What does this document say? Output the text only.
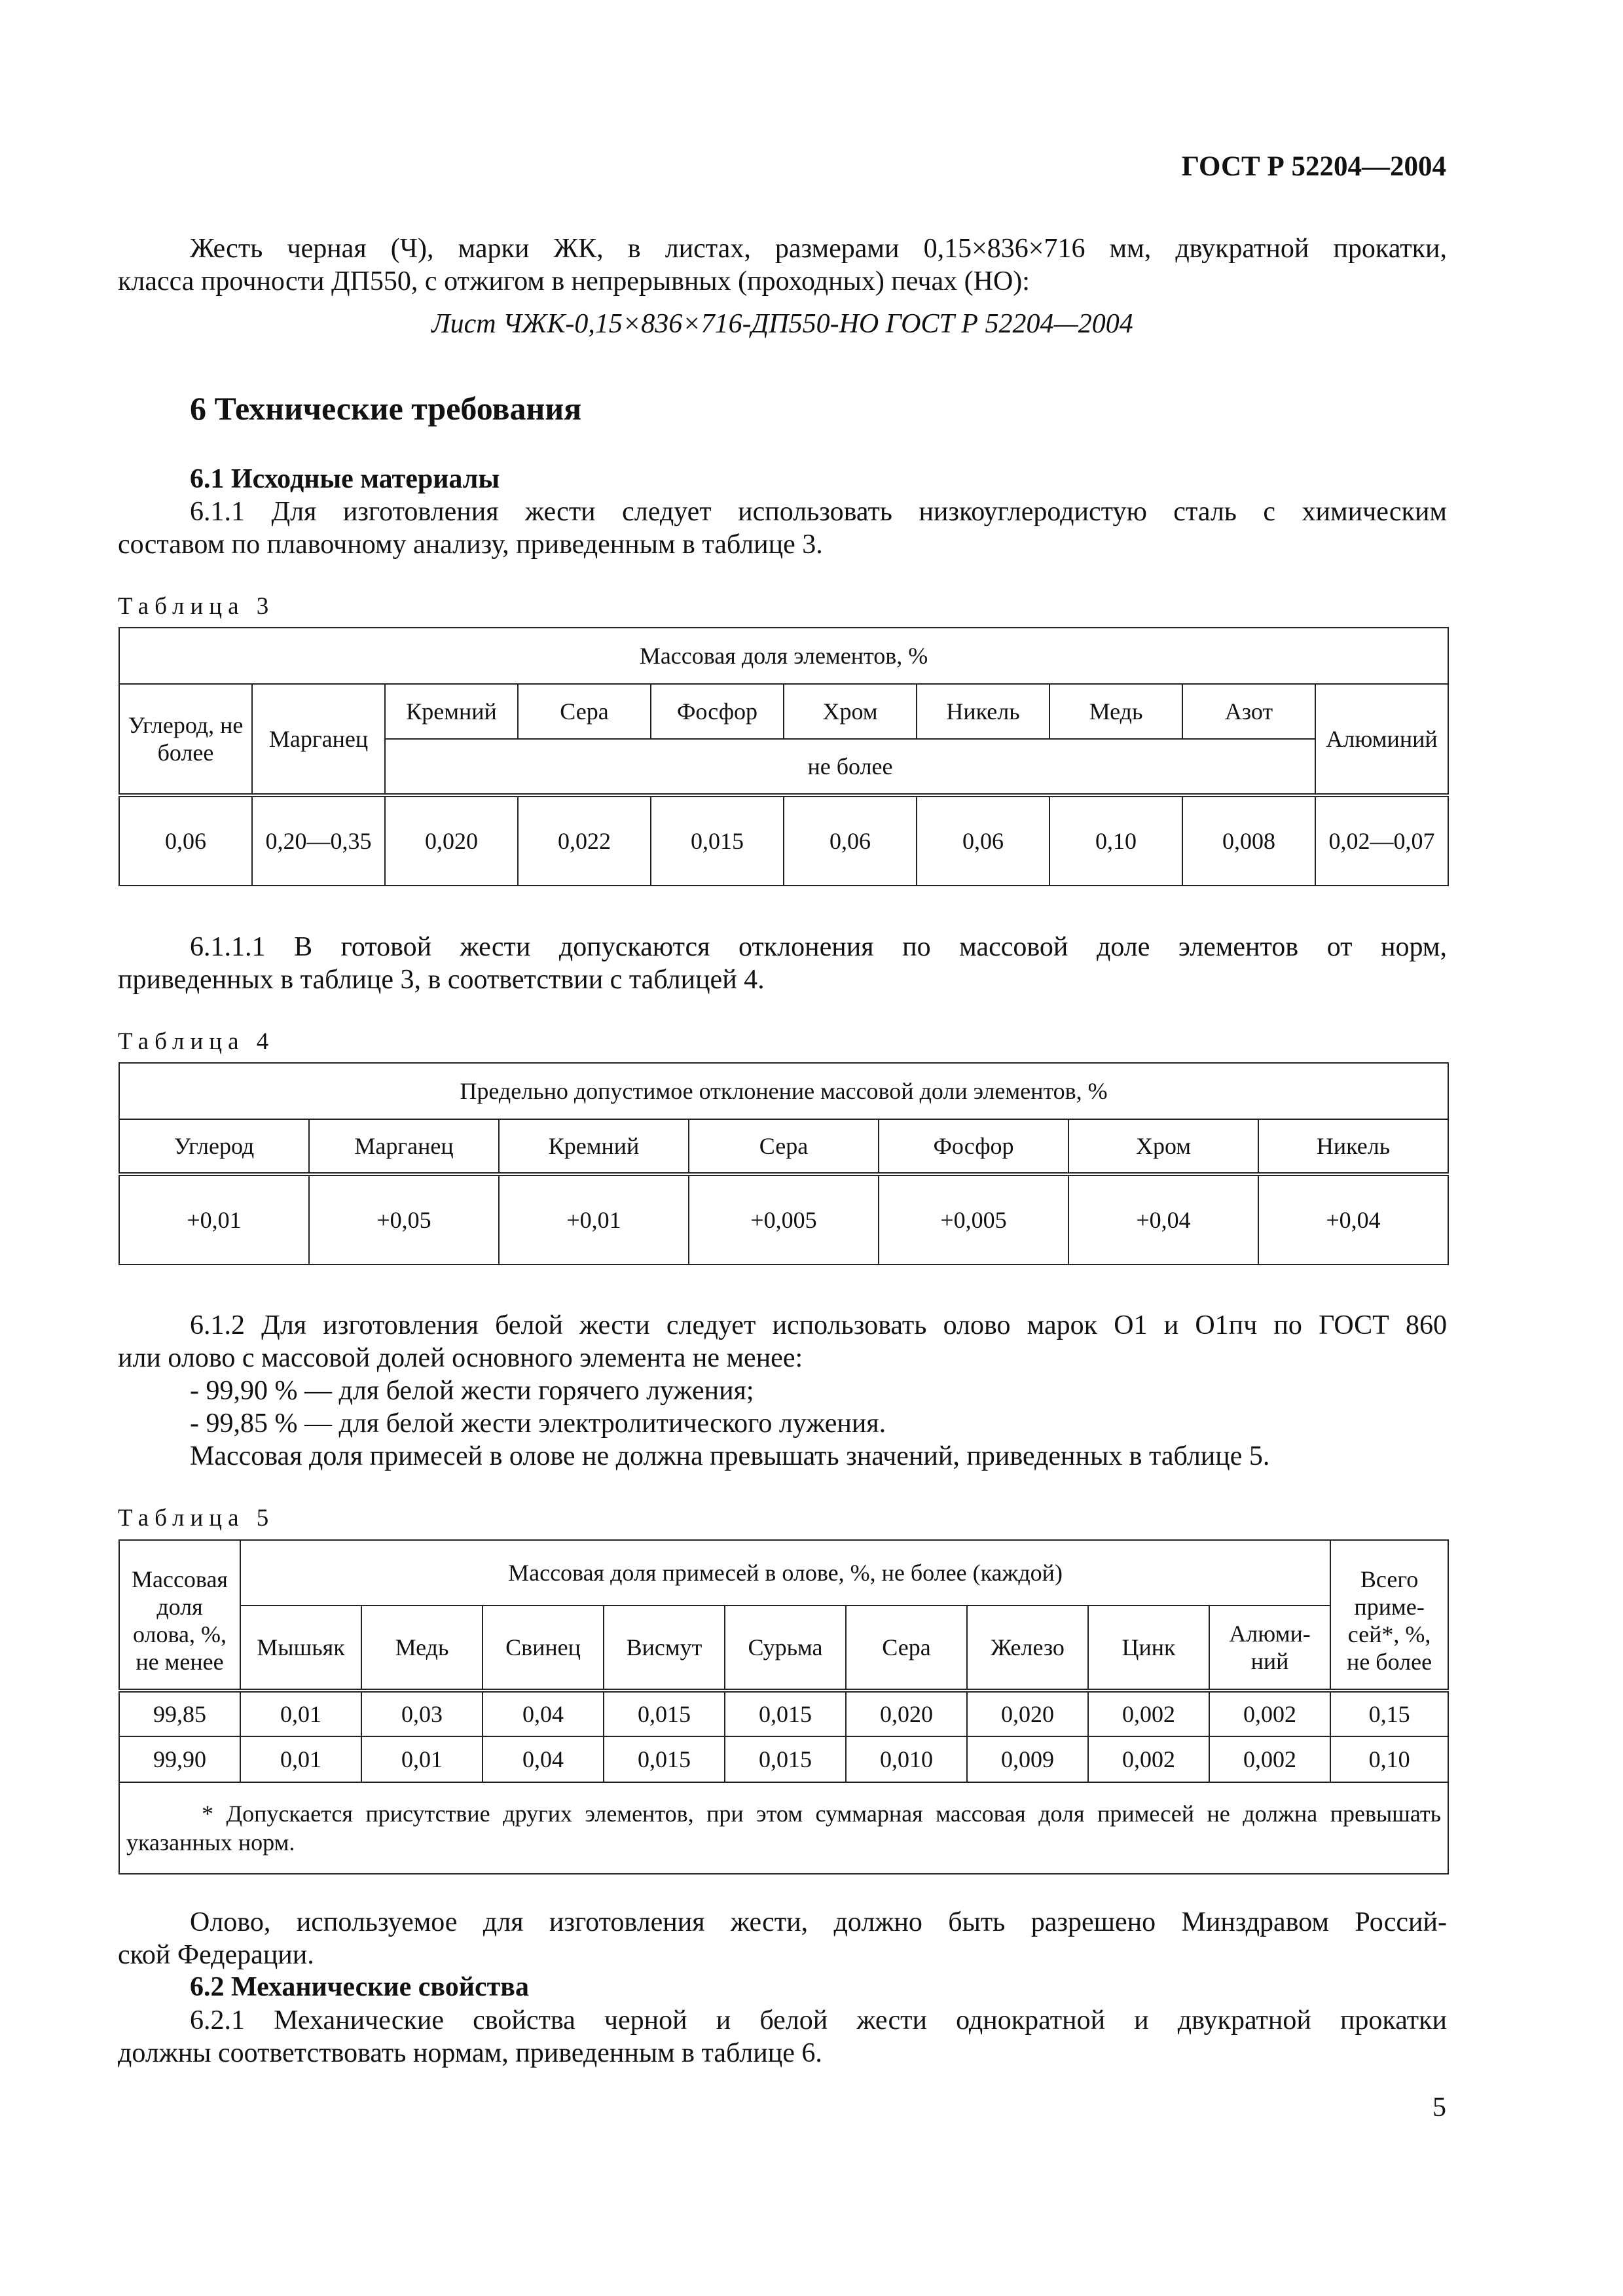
ГОСТ Р 52204—2004
Жесть черная (Ч), марки ЖК, в листах, размерами 0,15×836×716 мм, двукратной прокатки,
класса прочности ДП550, с отжигом в непрерывных (проходных) печах (НО):
Лист ЧЖК-0,15×836×716-ДП550-НО ГОСТ Р 52204—2004
6 Технические требования
6.1 Исходные материалы
6.1.1 Для изготовления жести следует использовать низкоуглеродистую сталь с химическим
составом по плавочному анализу, приведенным в таблице 3.
Таблица 3
Массовая доля элементов, %									
Углерод, не более	Марганец	Кремний	Сера	Фосфор	Хром	Никель	Медь	Азот	Алюминий
		не более							
0,06	0,20—0,35	0,020	0,022	0,015	0,06	0,06	0,10	0,008	0,02—0,07
6.1.1.1 В готовой жести допускаются отклонения по массовой доле элементов от норм,
приведенных в таблице 3, в соответствии с таблицей 4.
Таблица 4
Предельно допустимое отклонение массовой доли элементов, %						
Углерод	Марганец	Кремний	Сера	Фосфор	Хром	Никель
+0,01	+0,05	+0,01	+0,005	+0,005	+0,04	+0,04
6.1.2 Для изготовления белой жести следует использовать олово марок О1 и О1пч по ГОСТ 860
или олово с массовой долей основного элемента не менее:
- 99,90 % — для белой жести горячего лужения;
- 99,85 % — для белой жести электролитического лужения.
Массовая доля примесей в олове не должна превышать значений, приведенных в таблице 5.
Таблица 5
Массовая доля олова, %, не менее	Массовая доля примесей в олове, %, не более (каждой)									Всего приме-сей*, %, не более
	Мышьяк	Медь	Свинец	Висмут	Сурьма	Сера	Железо	Цинк	Алюми-ний	
99,85	0,01	0,03	0,04	0,015	0,015	0,020	0,020	0,002	0,002	0,15
99,90	0,01	0,01	0,04	0,015	0,015	0,010	0,009	0,002	0,002	0,10
* Допускается присутствие других элементов, при этом суммарная массовая доля примесей не должна превышать указанных норм.										
Олово, используемое для изготовления жести, должно быть разрешено Минздравом Россий-
ской Федерации.
6.2 Механические свойства
6.2.1 Механические свойства черной и белой жести однократной и двукратной прокатки
должны соответствовать нормам, приведенным в таблице 6.
5
